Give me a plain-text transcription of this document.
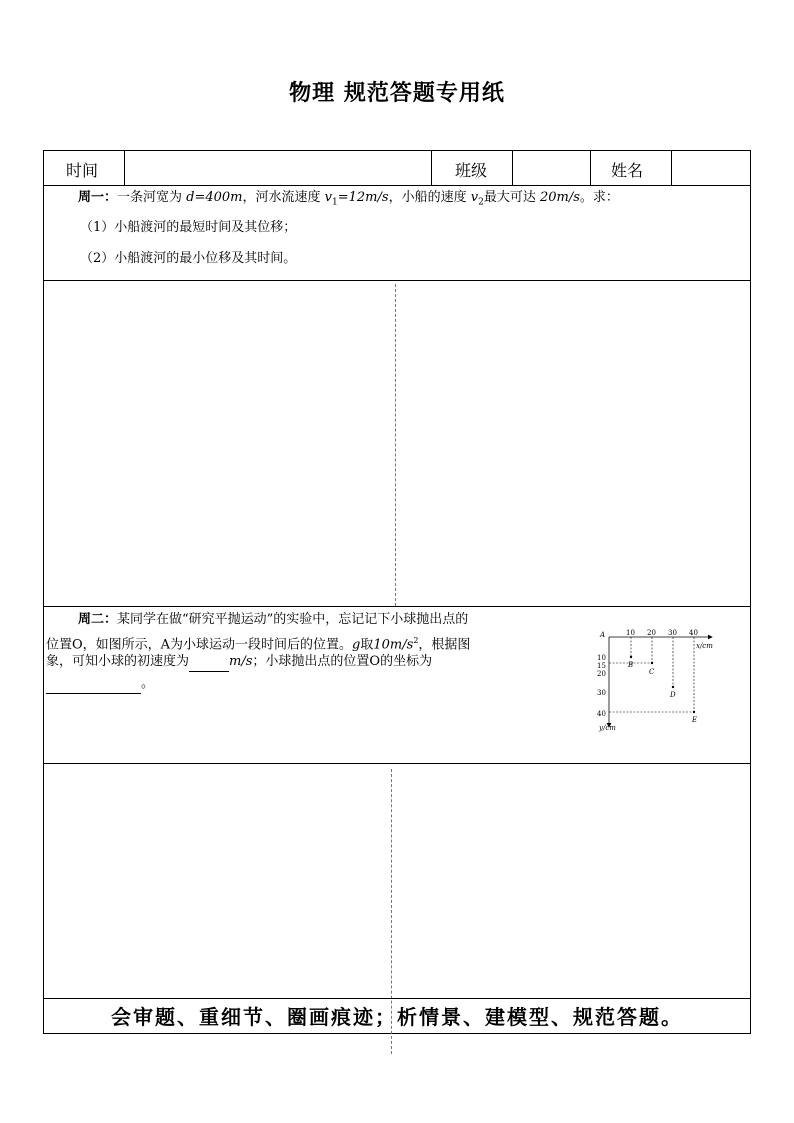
物理 规范答题专用纸
时间	班级	姓名
周一：一条河宽为 d=400m，河水流速度 $v_1=12m/s$，小船的速度 $v_2$最大可达 20m/s。求：
（1）小船渡河的最短时间及其位移；
（2）小船渡河的最小位移及其时间。
周二：某同学在做“研究平抛运动”的实验中，忘记记下小球抛出点的
位置O，如图所示，A为小球运动一段时间后的位置。g取$10m/s^2$，根据图
象，可知小球的初速度为	m/s；小球抛出点的位置O的坐标为
。
A
x/cm
y/cm
10 20 30 40
10
15
20
30
40
B
C
D
E
会审题、重细节、圈画痕迹；析情景、建模型、规范答题。
